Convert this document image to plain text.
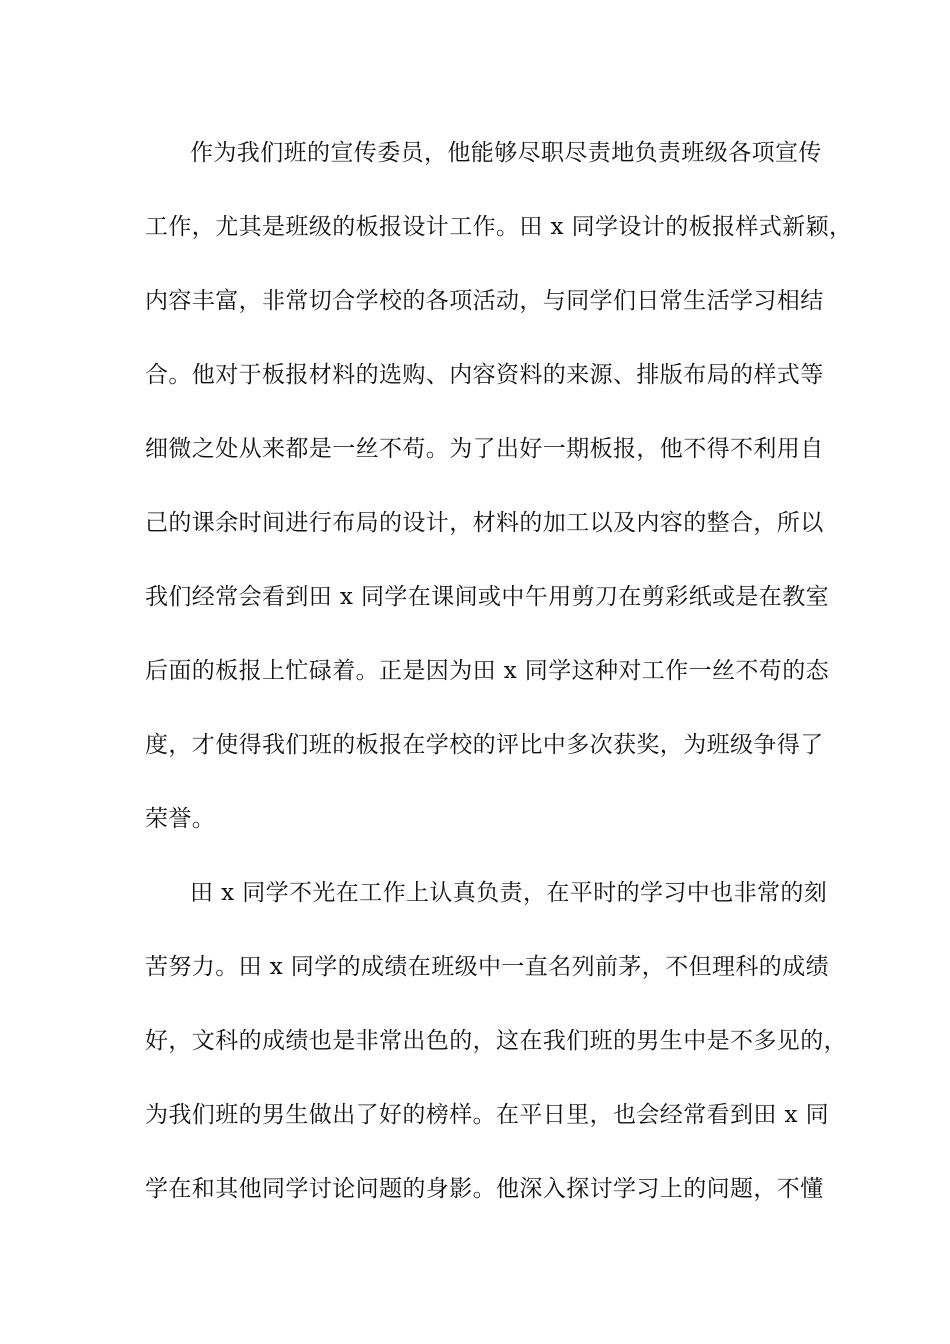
作为我们班的宣传委员，他能够尽职尽责地负责班级各项宣传
工作，尤其是班级的板报设计工作。田 x 同学设计的板报样式新颖，
内容丰富，非常切合学校的各项活动，与同学们日常生活学习相结
合。他对于板报材料的选购、内容资料的来源、排版布局的样式等
细微之处从来都是一丝不苟。为了出好一期板报，他不得不利用自
己的课余时间进行布局的设计，材料的加工以及内容的整合，所以
我们经常会看到田 x 同学在课间或中午用剪刀在剪彩纸或是在教室
后面的板报上忙碌着。正是因为田 x 同学这种对工作一丝不苟的态
度，才使得我们班的板报在学校的评比中多次获奖，为班级争得了
荣誉。
田 x 同学不光在工作上认真负责，在平时的学习中也非常的刻
苦努力。田 x 同学的成绩在班级中一直名列前茅，不但理科的成绩
好，文科的成绩也是非常出色的，这在我们班的男生中是不多见的，
为我们班的男生做出了好的榜样。在平日里，也会经常看到田 x 同
学在和其他同学讨论问题的身影。他深入探讨学习上的问题，不懂
